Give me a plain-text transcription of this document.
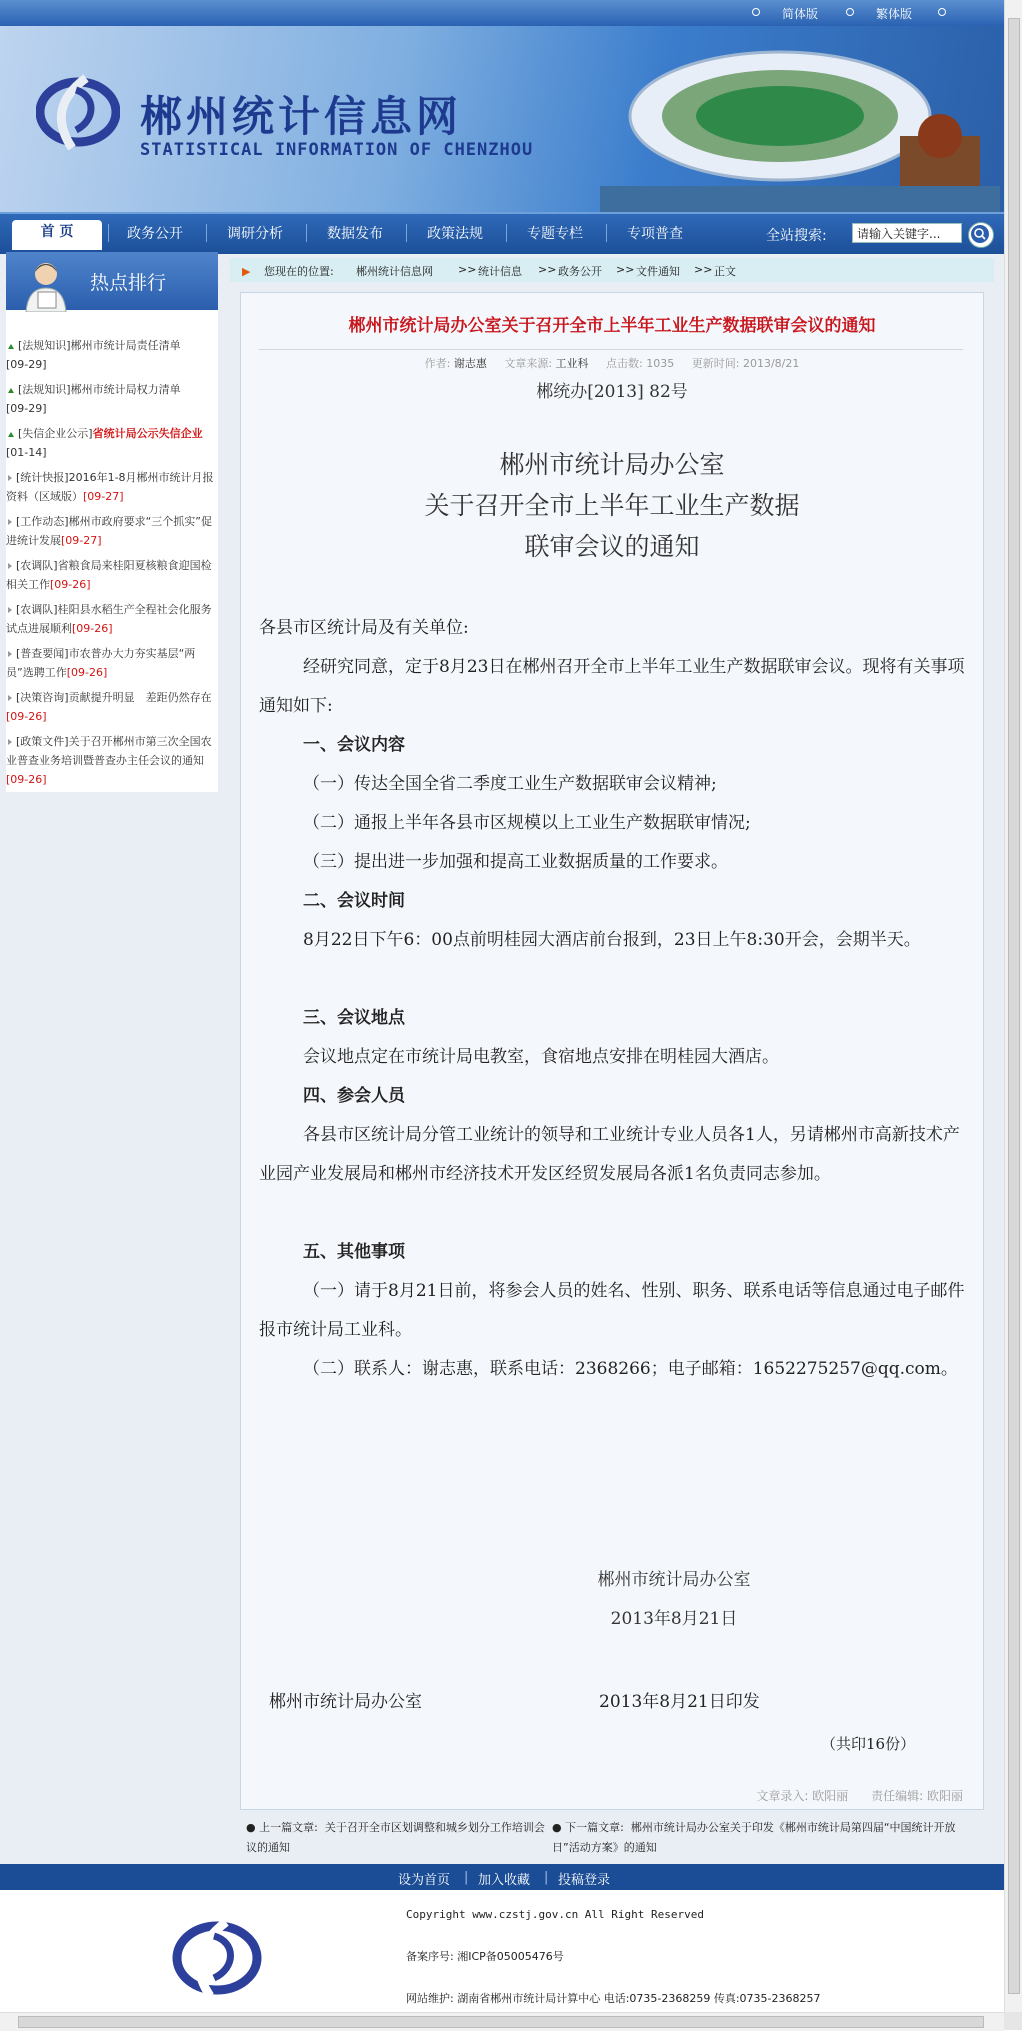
简体版	繁体版
郴州统计信息网
STATISTICAL INFORMATION OF CHENZHOU
首 页	政务公开	调研分析	数据发布	政策法规	专题专栏	专项普查	全站搜索:
请输入关键字...
热点排行
[法规知识]郴州市统计局责任清单
[09-29]
[法规知识]郴州市统计局权力清单
[09-29]
[失信企业公示]省统计局公示失信企业[01-14]
[统计快报]2016年1-8月郴州市统计月报资料（区域版）[09-27]
[工作动态]郴州市政府要求“三个抓实”促进统计发展[09-27]
[农调队]省粮食局来桂阳夏核粮食迎国检相关工作[09-26]
[农调队]桂阳县水稻生产全程社会化服务试点进展顺利[09-26]
[普查要闻]市农普办大力夯实基层“两员”选聘工作[09-26]
[决策咨询]贡献提升明显　差距仍然存在[09-26]
[政策文件]关于召开郴州市第三次全国农业普查业务培训暨普查办主任会议的通知[09-26]
▶ 您现在的位置: 郴州统计信息网 >> 统计信息 >> 政务公开 >> 文件通知 >> 正文
郴州市统计局办公室关于召开全市上半年工业生产数据联审会议的通知
作者: 谢志惠 文章来源: 工业科 点击数: 1035 更新时间: 2013/8/21
郴统办[2013] 82号
郴州市统计局办公室
关于召开全市上半年工业生产数据
联审会议的通知
各县市区统计局及有关单位:
经研究同意，定于8月23日在郴州召开全市上半年工业生产数据联审会议。现将有关事项通知如下:
一、会议内容
（一）传达全国全省二季度工业生产数据联审会议精神;
（二）通报上半年各县市区规模以上工业生产数据联审情况;
（三）提出进一步加强和提高工业数据质量的工作要求。
二、会议时间
8月22日下午6：00点前明桂园大酒店前台报到，23日上午8:30开会，会期半天。
三、会议地点
会议地点定在市统计局电教室，食宿地点安排在明桂园大酒店。
四、参会人员
各县市区统计局分管工业统计的领导和工业统计专业人员各1人，另请郴州市高新技术产业园产业发展局和郴州市经济技术开发区经贸发展局各派1名负责同志参加。
五、其他事项
（一）请于8月21日前，将参会人员的姓名、性别、职务、联系电话等信息通过电子邮件报市统计局工业科。
（二）联系人：谢志惠，联系电话：2368266；电子邮箱：1652275257@qq.com。
郴州市统计局办公室
2013年8月21日
郴州市统计局办公室	2013年8月21日印发
（共印16份）
文章录入: 欧阳丽 责任编辑: 欧阳丽
● 上一篇文章: 关于召开全市区划调整和城乡划分工作培训会议的通知
● 下一篇文章: 郴州市统计局办公室关于印发《郴州市统计局第四届“中国统计开放日”活动方案》的通知
设为首页 | 加入收藏 | 投稿登录
Copyright www.czstj.gov.cn All Right Reserved
备案序号: 湘ICP备05005476号
网站维护: 湖南省郴州市统计局计算中心 电话:0735-2368259 传真:0735-2368257
